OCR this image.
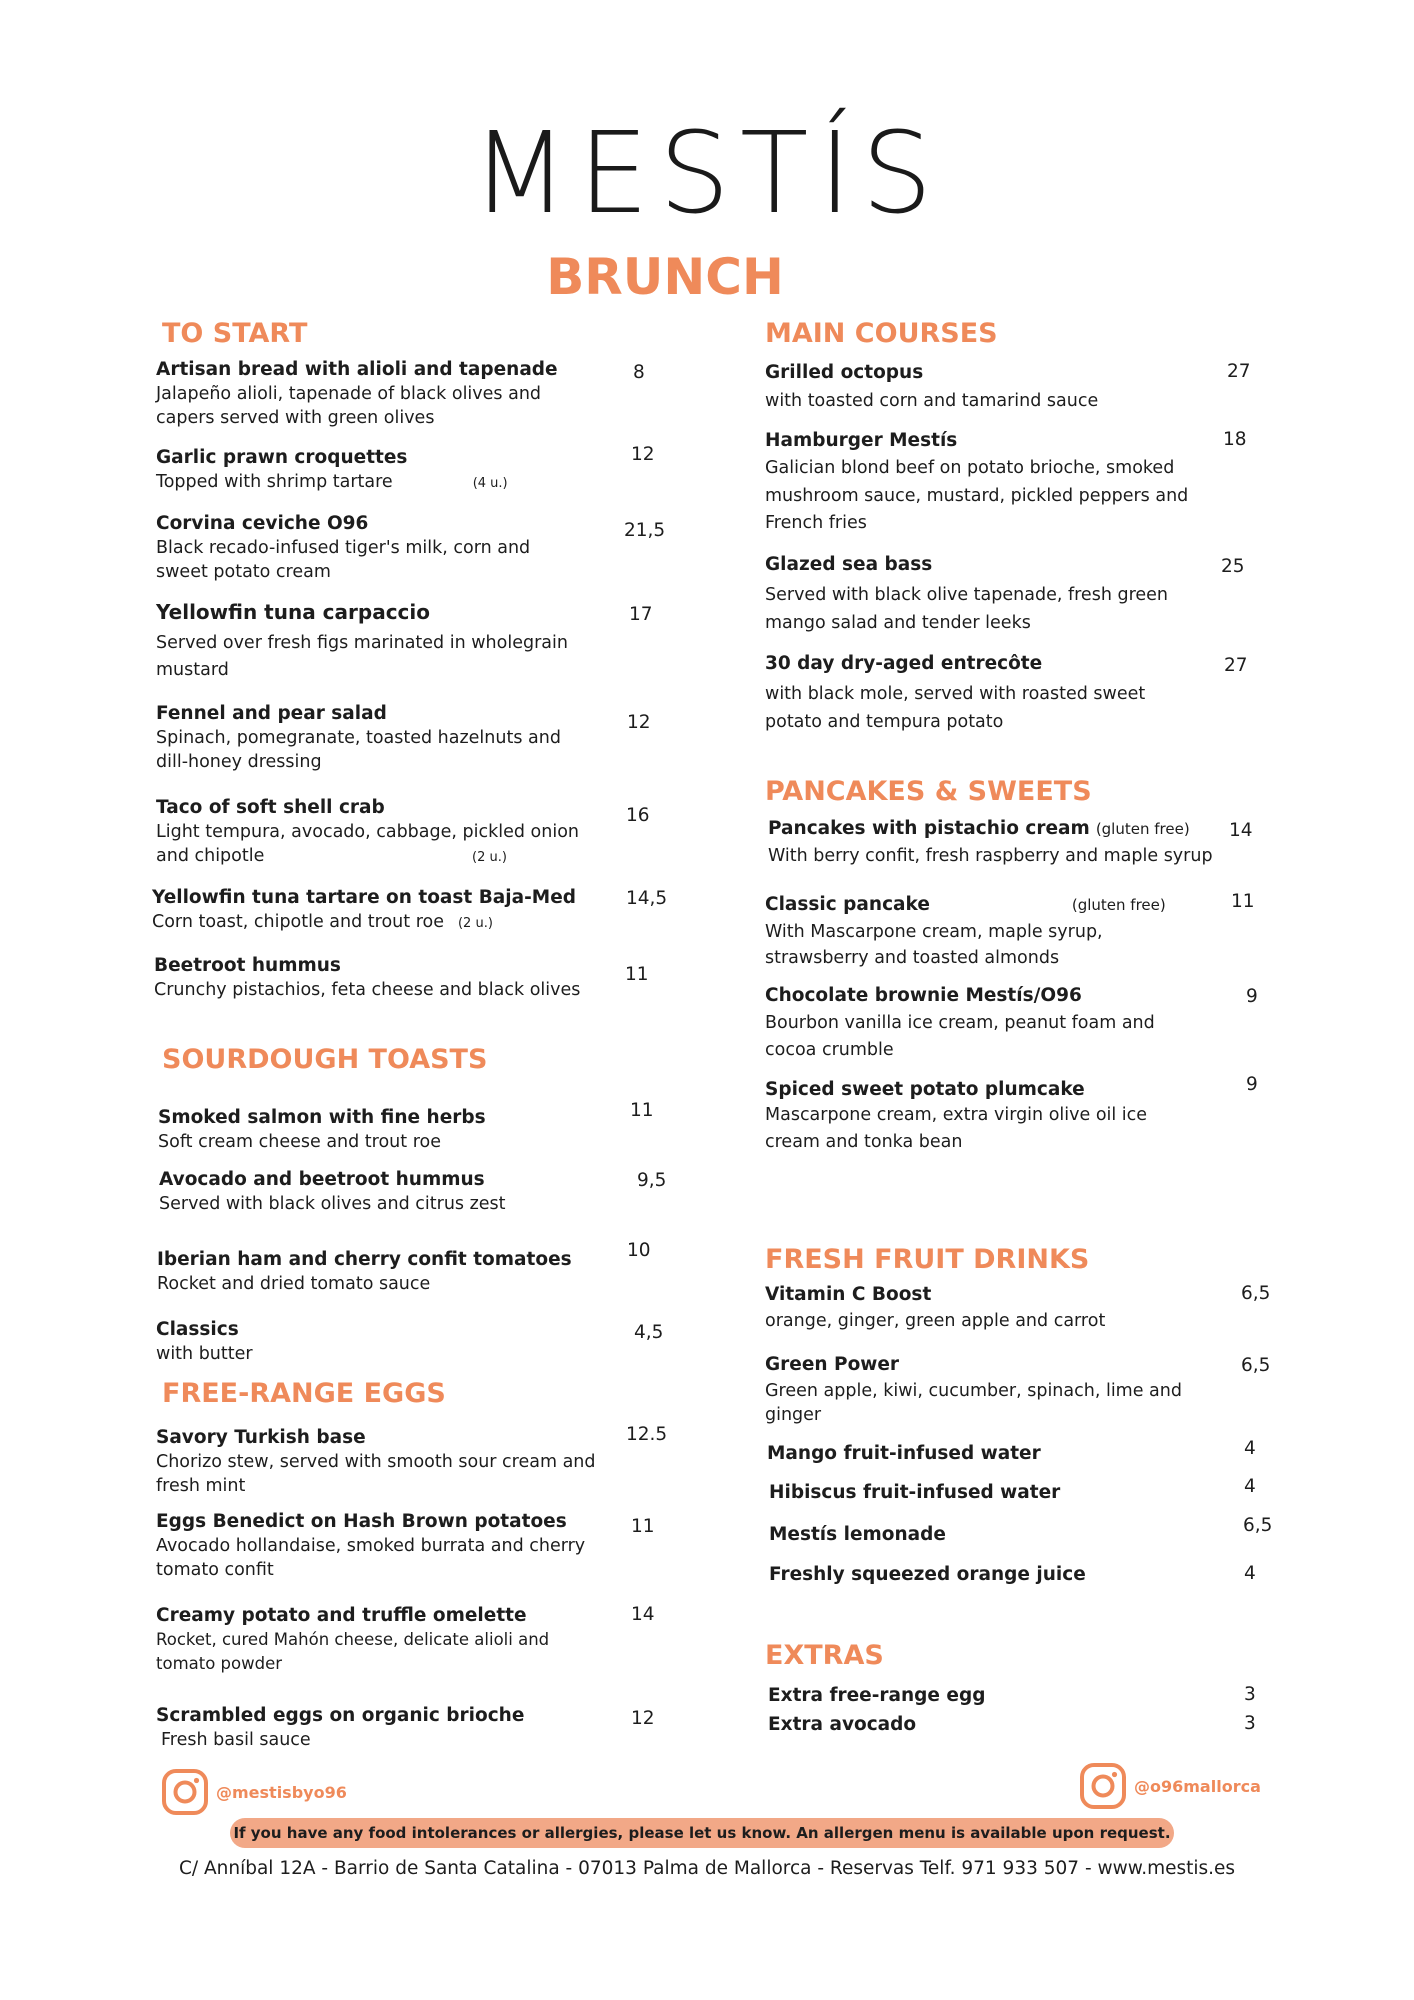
MESTÍS
BRUNCH
TO START
Artisan bread with alioli and tapenade
Jalapeño alioli, tapenade of black olives and capers served with green olives
8
Garlic prawn croquettes
Topped with shrimp tartare	(4 u.)
12
Corvina ceviche O96
Black recado-infused tiger's milk, corn and sweet potato cream
21,5
Yellowfin tuna carpaccio
Served over fresh figs marinated in wholegrain mustard
17
Fennel and pear salad
Spinach, pomegranate, toasted hazelnuts and dill-honey dressing
12
Taco of soft shell crab
Light tempura, avocado, cabbage, pickled onion and chipotle	(2 u.)
16
Yellowfin tuna tartare on toast Baja-Med
Corn toast, chipotle and trout roe (2 u.)
14,5
Beetroot hummus
Crunchy pistachios, feta cheese and black olives
11
SOURDOUGH TOASTS
Smoked salmon with fine herbs
Soft cream cheese and trout roe
11
Avocado and beetroot hummus
Served with black olives and citrus zest
9,5
Iberian ham and cherry confit tomatoes
Rocket and dried tomato sauce
10
Classics
with butter
4,5
FREE-RANGE EGGS
Savory Turkish base
Chorizo stew, served with smooth sour cream and fresh mint
12.5
Eggs Benedict on Hash Brown potatoes
Avocado hollandaise, smoked burrata and cherry tomato confit
11
Creamy potato and truffle omelette
Rocket, cured Mahón cheese, delicate alioli and tomato powder
14
Scrambled eggs on organic brioche
Fresh basil sauce
12
MAIN COURSES
Grilled octopus
with toasted corn and tamarind sauce
27
Hamburger Mestís
Galician blond beef on potato brioche, smoked mushroom sauce, mustard, pickled peppers and French fries
18
Glazed sea bass
Served with black olive tapenade, fresh green mango salad and tender leeks
25
30 day dry-aged entrecôte
with black mole, served with roasted sweet potato and tempura potato
27
PANCAKES & SWEETS
Pancakes with pistachio cream (gluten free)
With berry confit, fresh raspberry and maple syrup
14
Classic pancake	(gluten free)
With Mascarpone cream, maple syrup, strawsberry and toasted almonds
11
Chocolate brownie Mestís/O96
Bourbon vanilla ice cream, peanut foam and cocoa crumble
9
Spiced sweet potato plumcake
Mascarpone cream, extra virgin olive oil ice cream and tonka bean
9
FRESH FRUIT DRINKS
Vitamin C Boost
orange, ginger, green apple and carrot
6,5
Green Power
Green apple, kiwi, cucumber, spinach, lime and ginger
6,5
Mango fruit-infused water	4
Hibiscus fruit-infused water	4
Mestís lemonade	6,5
Freshly squeezed orange juice	4
EXTRAS
Extra free-range egg	3
Extra avocado	3
@mestisbyo96	@o96mallorca
If you have any food intolerances or allergies, please let us know. An allergen menu is available upon request.
C/ Anníbal 12A - Barrio de Santa Catalina - 07013 Palma de Mallorca - Reservas Telf. 971 933 507 - www.mestis.es
